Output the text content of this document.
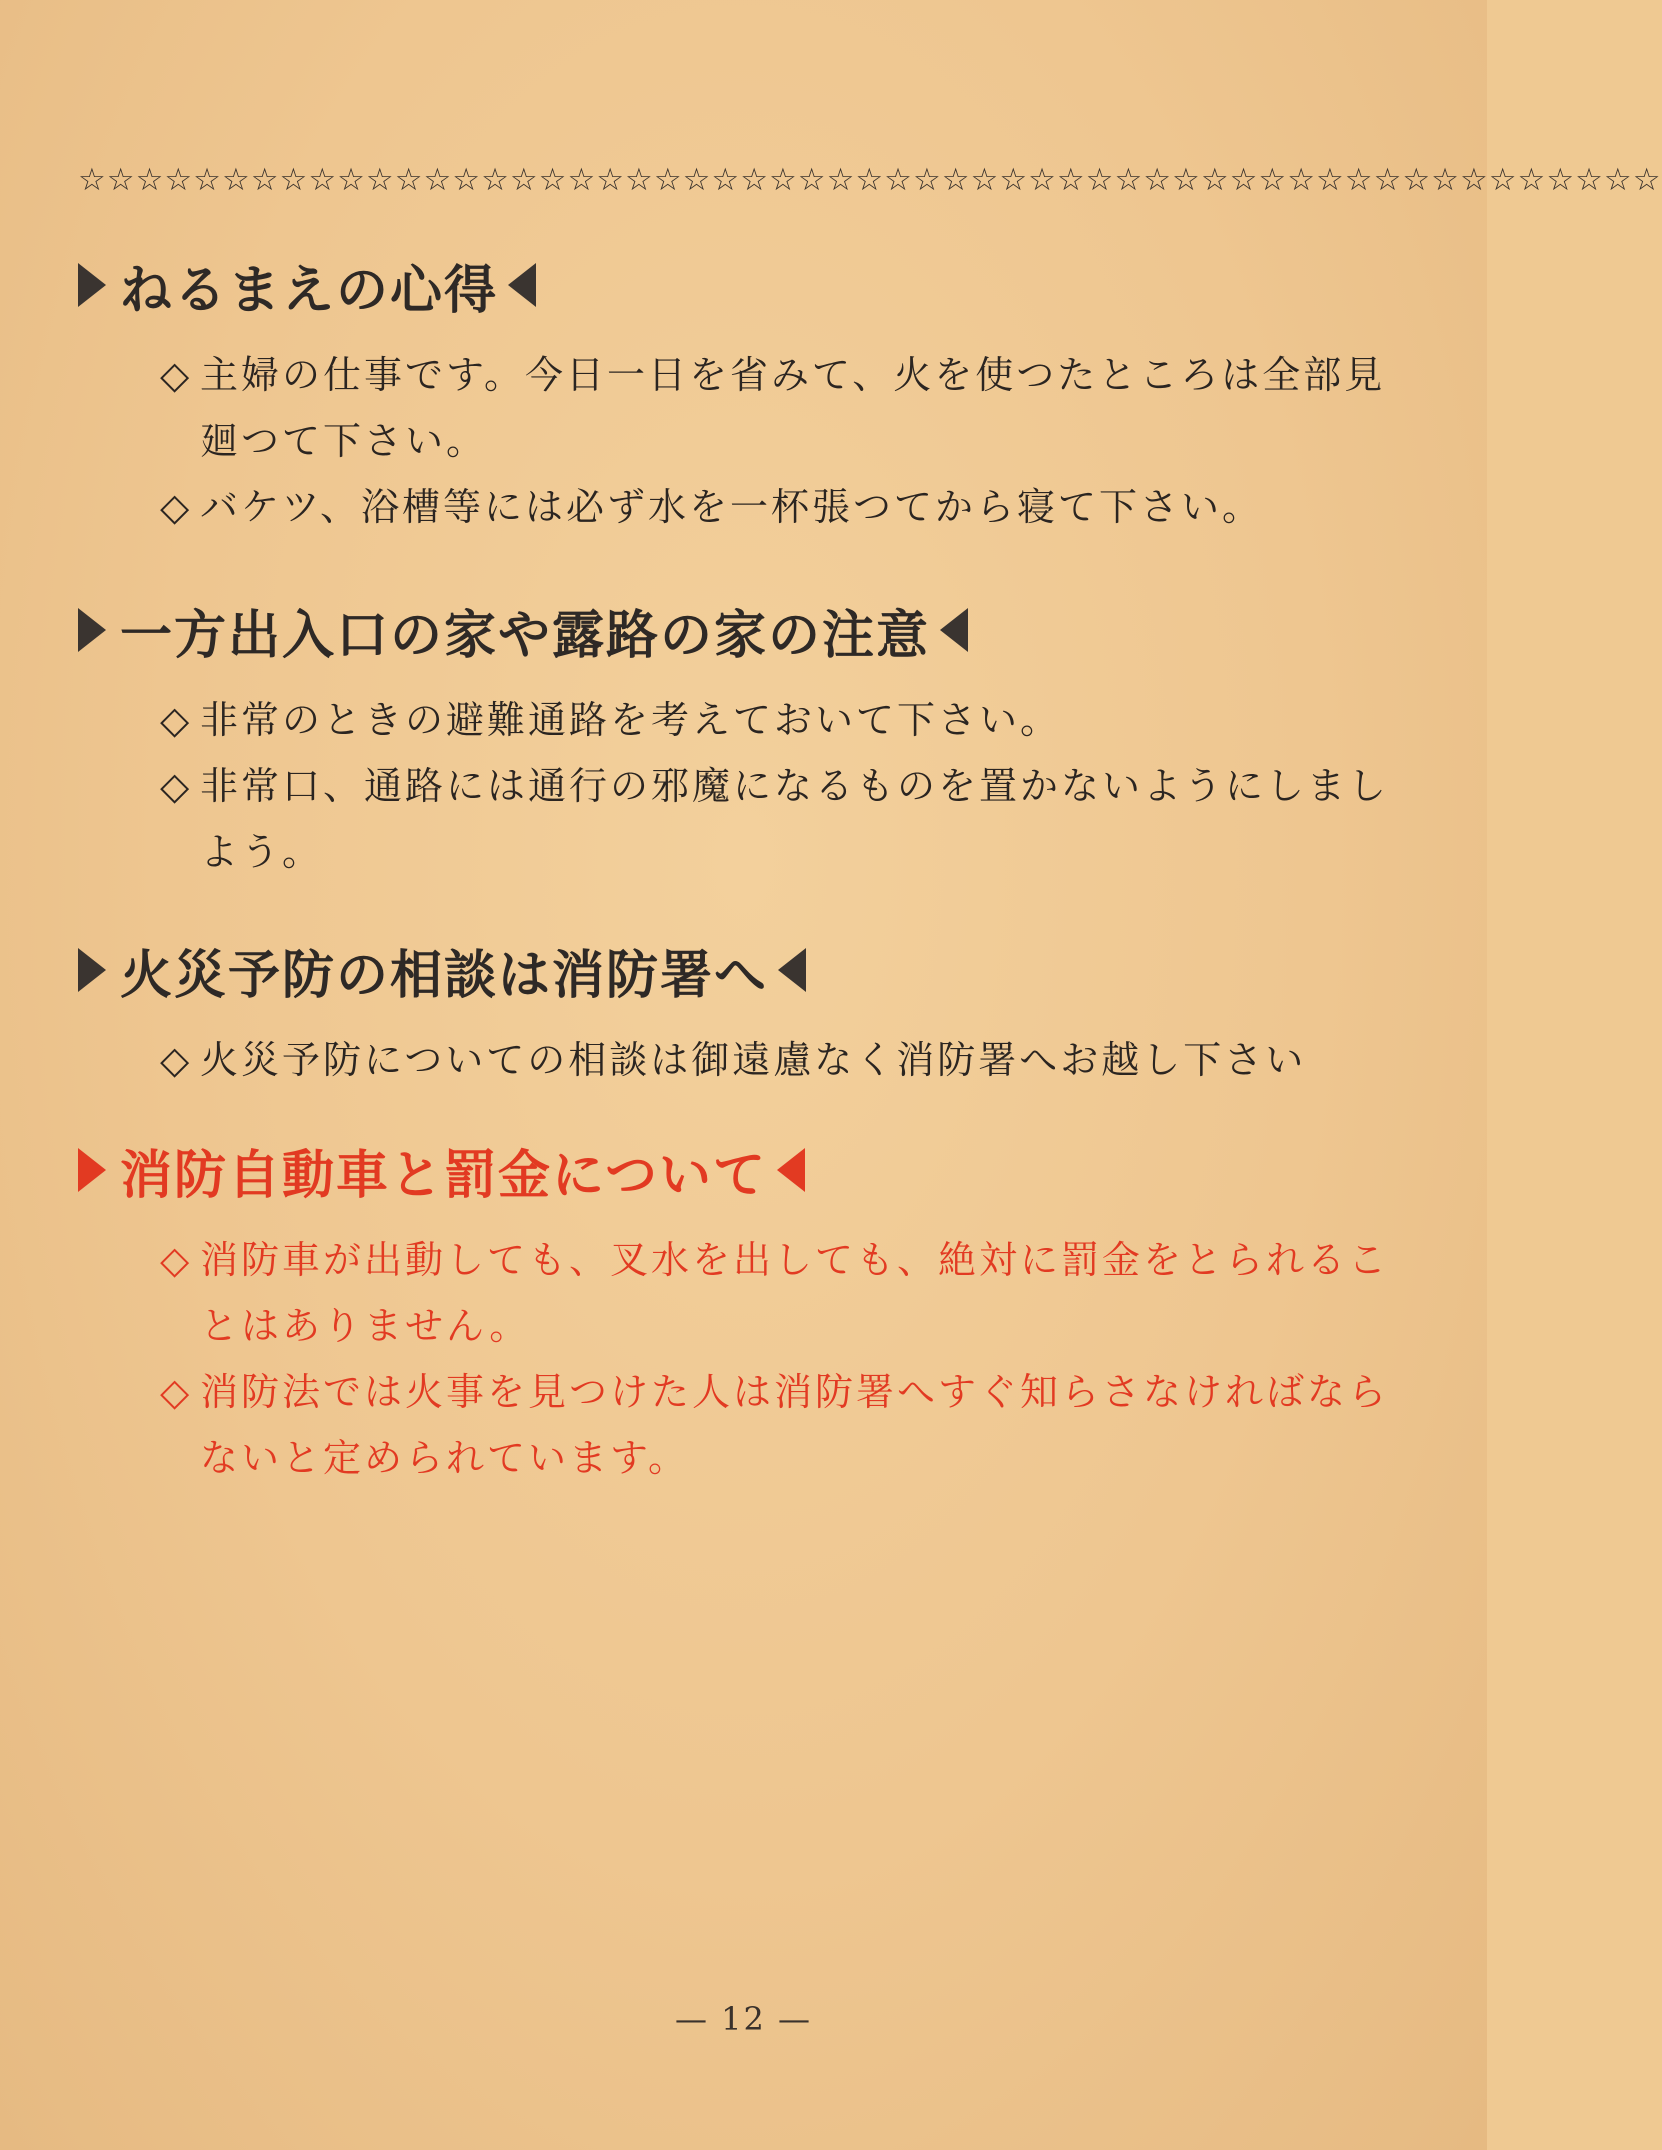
☆☆☆☆☆☆☆☆☆☆☆☆☆☆☆☆☆☆☆☆☆☆☆☆☆☆☆☆☆☆☆☆☆☆☆☆☆☆☆☆☆☆☆☆☆☆☆☆☆☆☆☆☆☆☆
ねるまえの心得
◇ 主婦の仕事です。今日一日を省みて、火を使つたところは全部見廻つて下さい。
◇ バケツ、浴槽等には必ず水を一杯張つてから寝て下さい。
一方出入口の家や露路の家の注意
◇ 非常のときの避難通路を考えておいて下さい。
◇ 非常口、通路には通行の邪魔になるものを置かないようにしましよう。
火災予防の相談は消防署へ
◇ 火災予防についての相談は御遠慮なく消防署へお越し下さい
消防自動車と罰金について
◇ 消防車が出動しても、叉水を出しても、絶対に罰金をとられることはありません。
◇ 消防法では火事を見つけた人は消防署へすぐ知らさなければならないと定められています。
— 12 —
